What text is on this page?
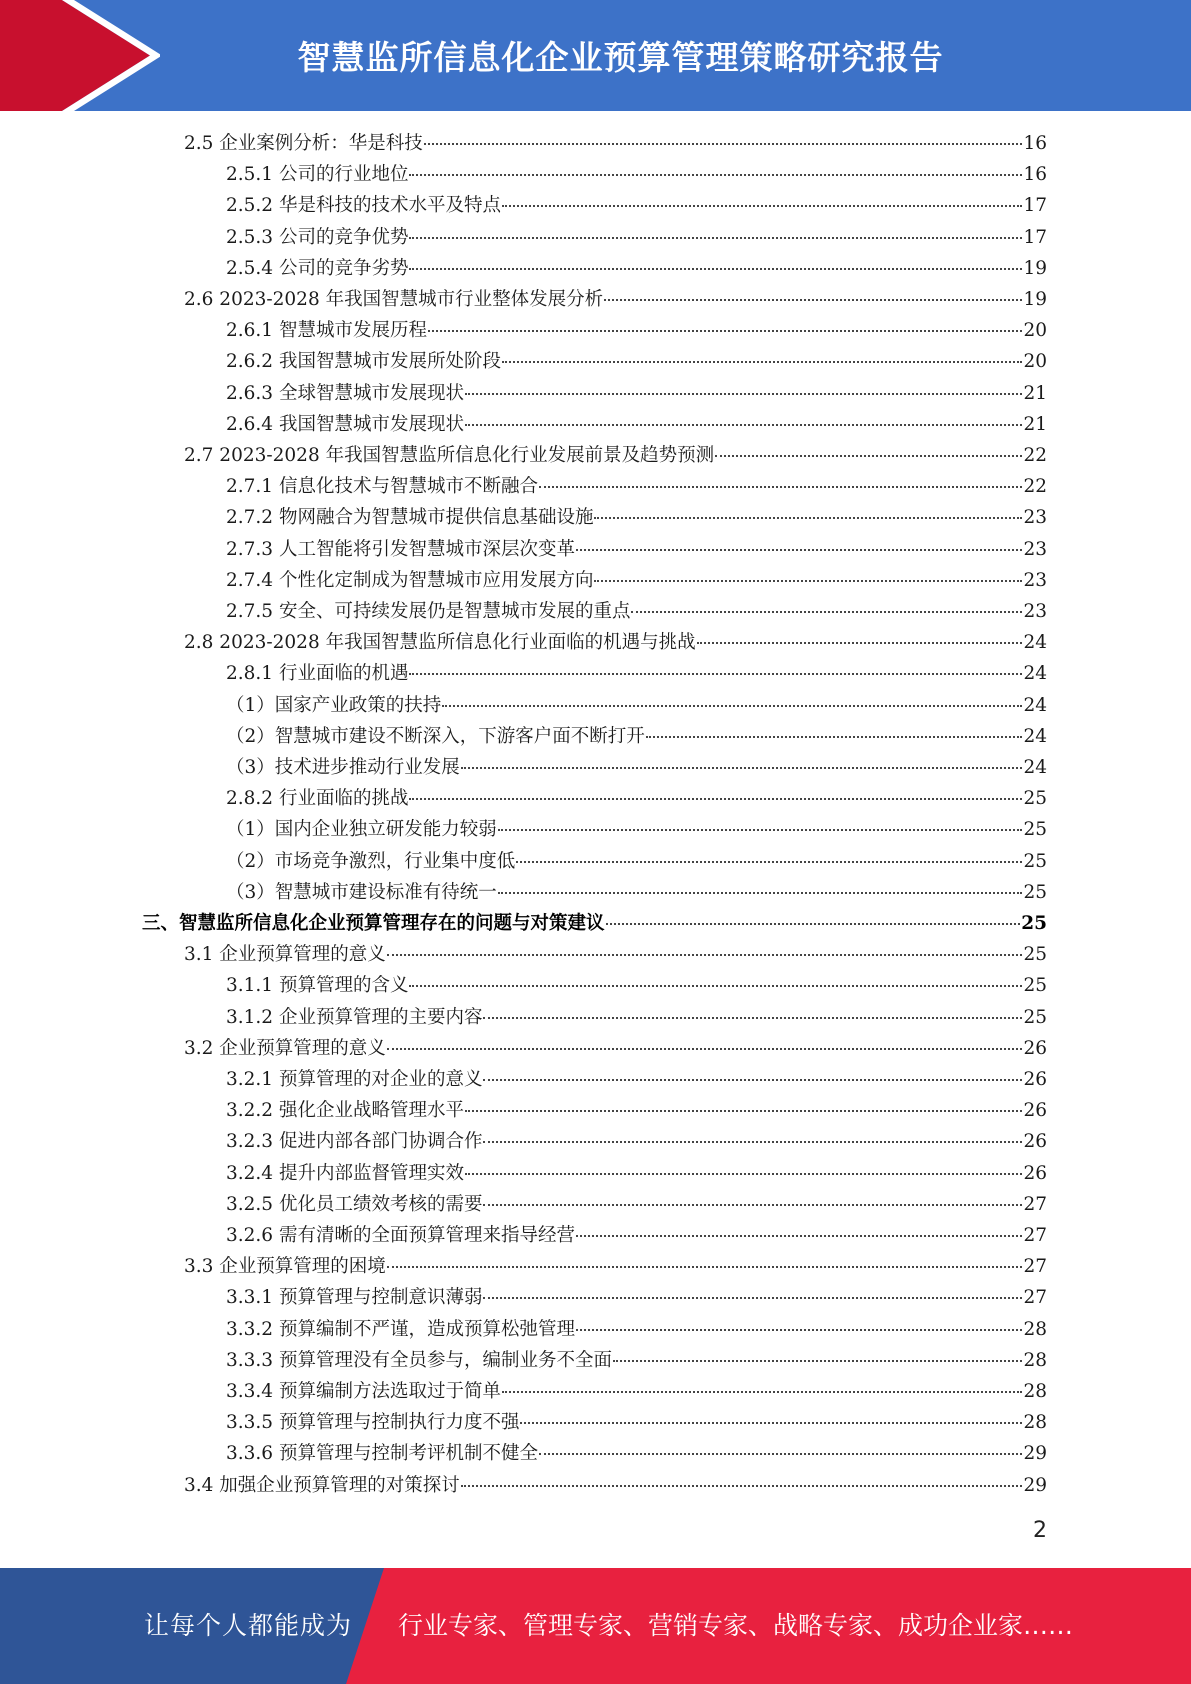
智慧监所信息化企业预算管理策略研究报告
2.5 企业案例分析：华是科技	16
2.5.1 公司的行业地位	16
2.5.2 华是科技的技术水平及特点	17
2.5.3 公司的竞争优势	17
2.5.4 公司的竞争劣势	19
2.6 2023-2028 年我国智慧城市行业整体发展分析	19
2.6.1 智慧城市发展历程	20
2.6.2 我国智慧城市发展所处阶段	20
2.6.3 全球智慧城市发展现状	21
2.6.4 我国智慧城市发展现状	21
2.7 2023-2028 年我国智慧监所信息化行业发展前景及趋势预测	22
2.7.1 信息化技术与智慧城市不断融合	22
2.7.2 物网融合为智慧城市提供信息基础设施	23
2.7.3 人工智能将引发智慧城市深层次变革	23
2.7.4 个性化定制成为智慧城市应用发展方向	23
2.7.5 安全、可持续发展仍是智慧城市发展的重点	23
2.8 2023-2028 年我国智慧监所信息化行业面临的机遇与挑战	24
2.8.1 行业面临的机遇	24
（1）国家产业政策的扶持	24
（2）智慧城市建设不断深入，下游客户面不断打开	24
（3）技术进步推动行业发展	24
2.8.2 行业面临的挑战	25
（1）国内企业独立研发能力较弱	25
（2）市场竞争激烈，行业集中度低	25
（3）智慧城市建设标准有待统一	25
三、智慧监所信息化企业预算管理存在的问题与对策建议	25
3.1 企业预算管理的意义	25
3.1.1 预算管理的含义	25
3.1.2 企业预算管理的主要内容	25
3.2 企业预算管理的意义	26
3.2.1 预算管理的对企业的意义	26
3.2.2 强化企业战略管理水平	26
3.2.3 促进内部各部门协调合作	26
3.2.4 提升内部监督管理实效	26
3.2.5 优化员工绩效考核的需要	27
3.2.6 需有清晰的全面预算管理来指导经营	27
3.3 企业预算管理的困境	27
3.3.1 预算管理与控制意识薄弱	27
3.3.2 预算编制不严谨，造成预算松弛管理	28
3.3.3 预算管理没有全员参与，编制业务不全面	28
3.3.4 预算编制方法选取过于简单	28
3.3.5 预算管理与控制执行力度不强	28
3.3.6 预算管理与控制考评机制不健全	29
3.4 加强企业预算管理的对策探讨	29
2
让每个人都能成为 行业专家、管理专家、营销专家、战略专家、成功企业家……
